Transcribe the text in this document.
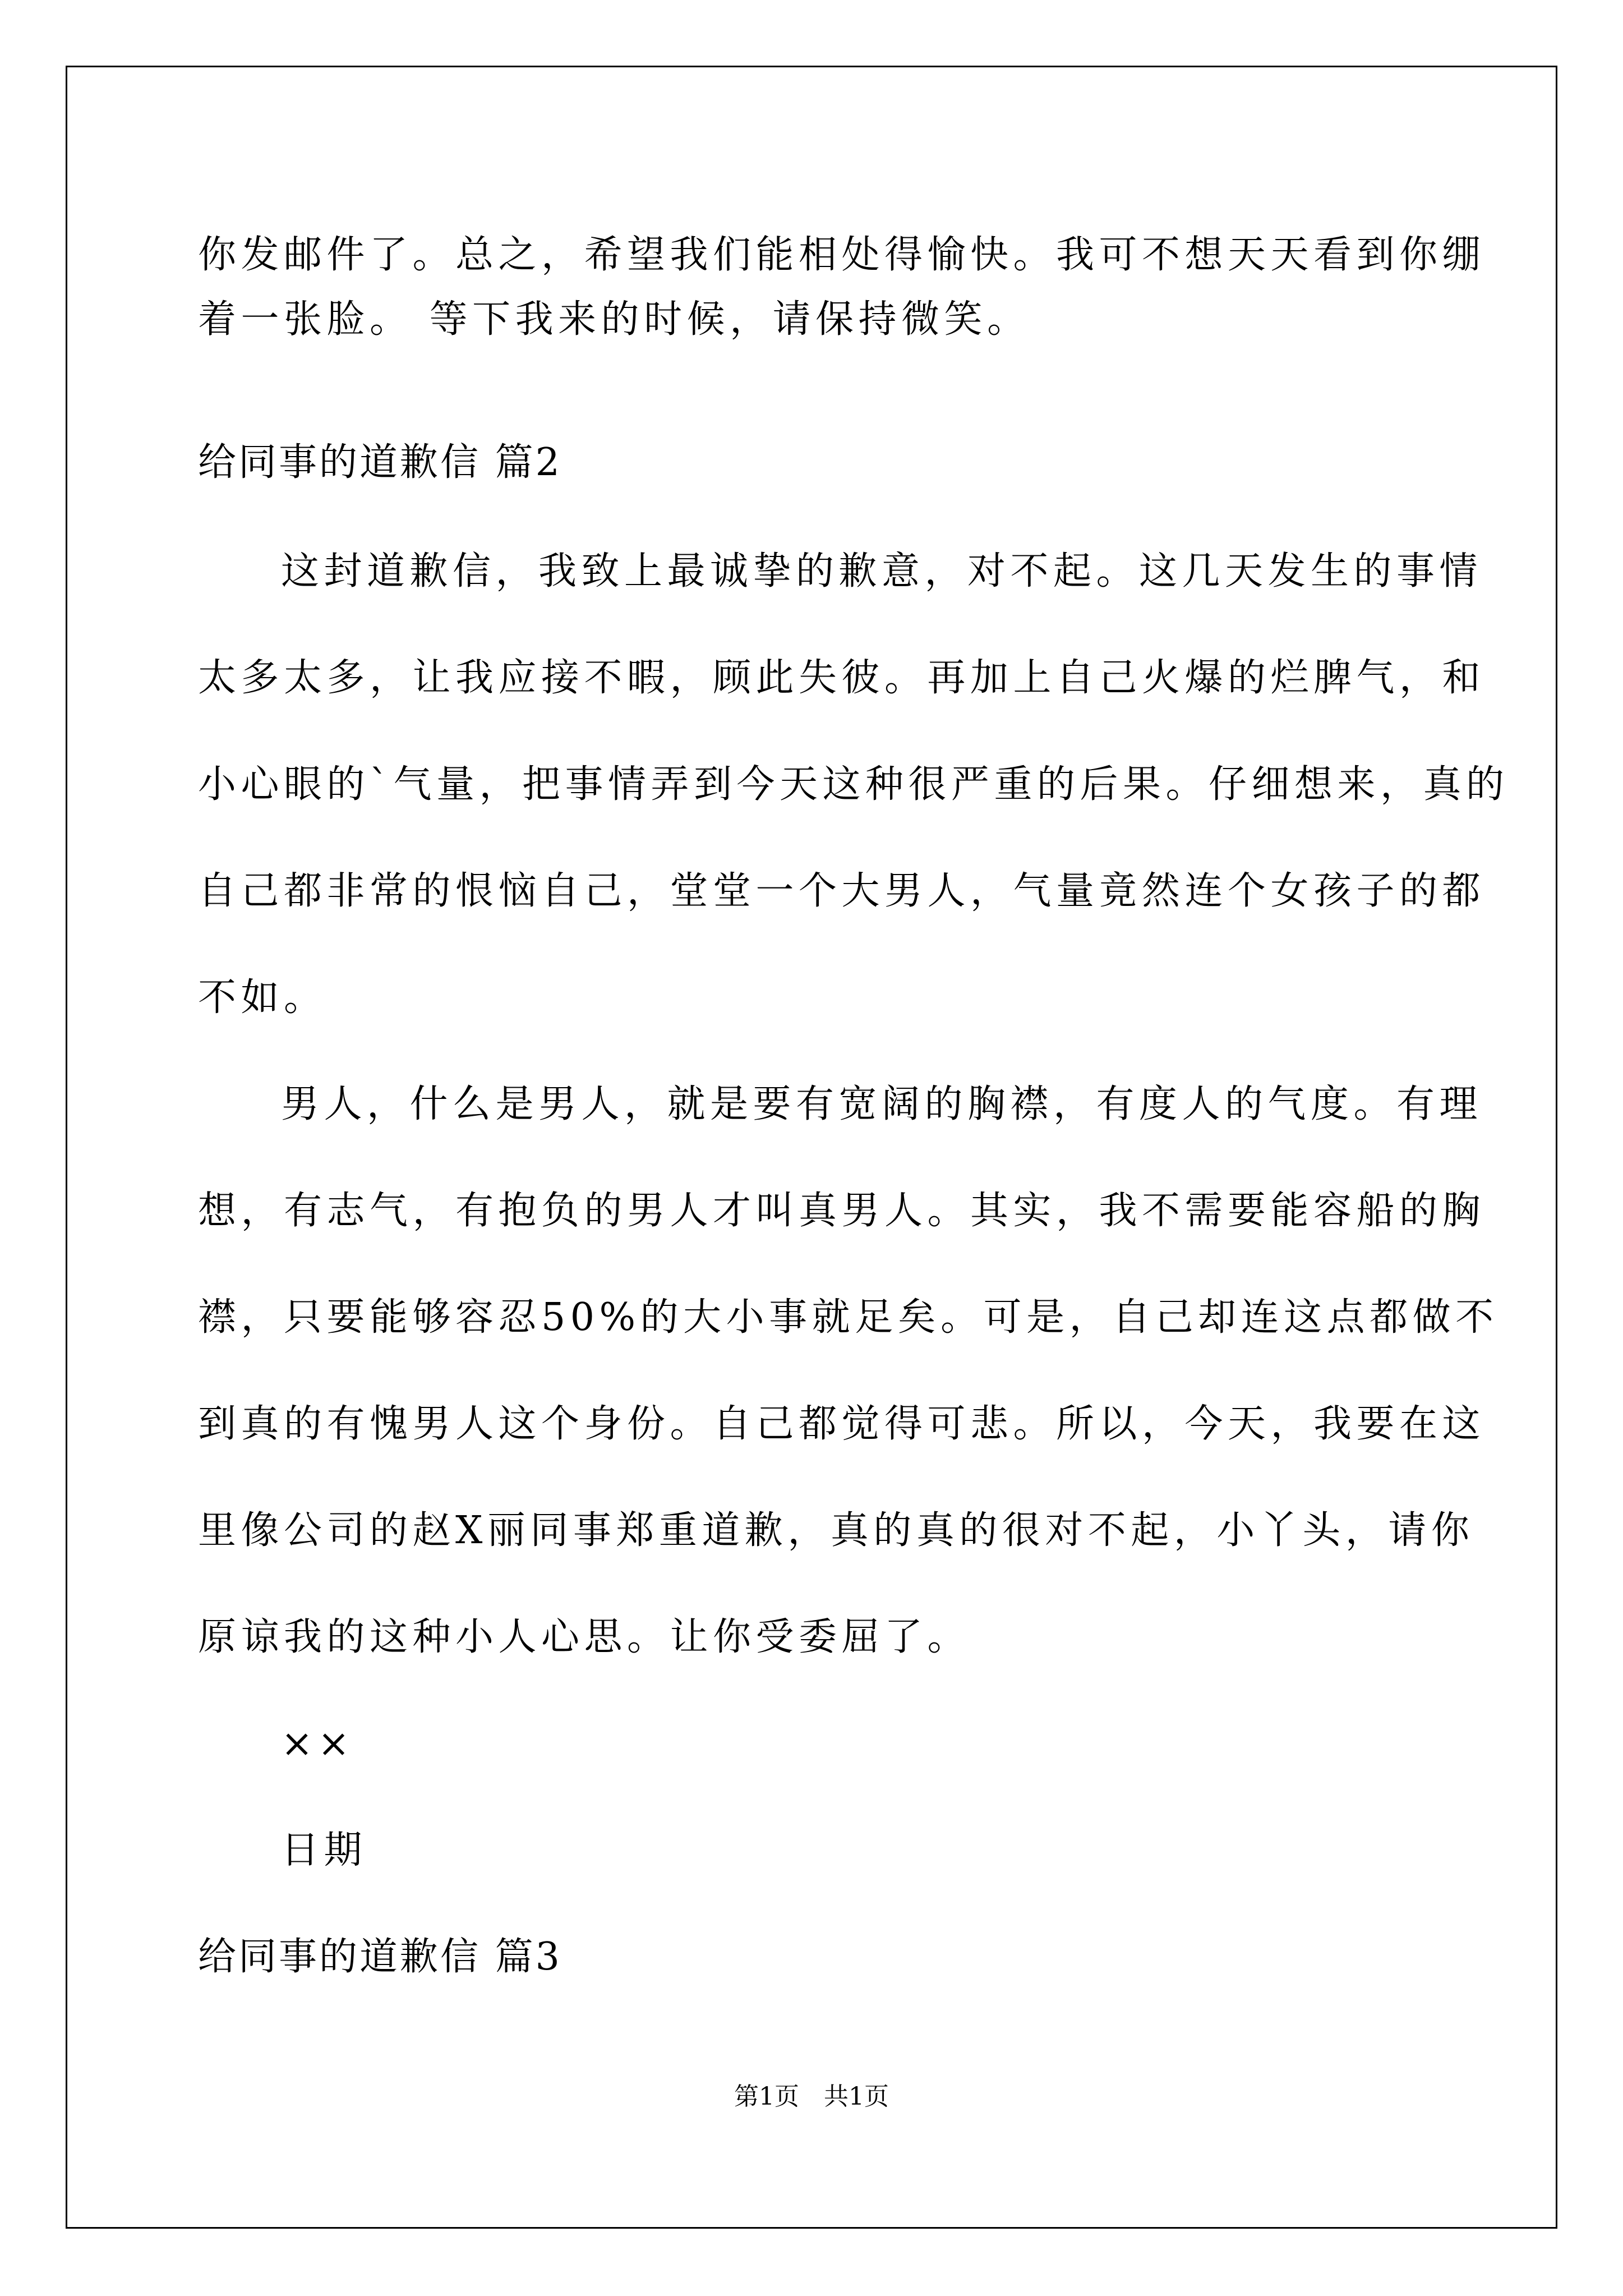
你发邮件了。总之，希望我们能相处得愉快。我可不想天天看到你绷
着一张脸。 等下我来的时候，请保持微笑。
给同事的道歉信 篇2
这封道歉信，我致上最诚挚的歉意，对不起。这几天发生的事情
太多太多，让我应接不暇，顾此失彼。再加上自己火爆的烂脾气，和
小心眼的`气量，把事情弄到今天这种很严重的后果。仔细想来，真的
自己都非常的恨恼自己，堂堂一个大男人，气量竟然连个女孩子的都
不如。
男人，什么是男人，就是要有宽阔的胸襟，有度人的气度。有理
想，有志气，有抱负的男人才叫真男人。其实，我不需要能容船的胸
襟，只要能够容忍50%的大小事就足矣。可是，自己却连这点都做不
到真的有愧男人这个身份。自己都觉得可悲。所以，今天，我要在这
里像公司的赵X丽同事郑重道歉，真的真的很对不起，小丫头，请你
原谅我的这种小人心思。让你受委屈了。
××
日期
给同事的道歉信 篇3
第1页 共1页
